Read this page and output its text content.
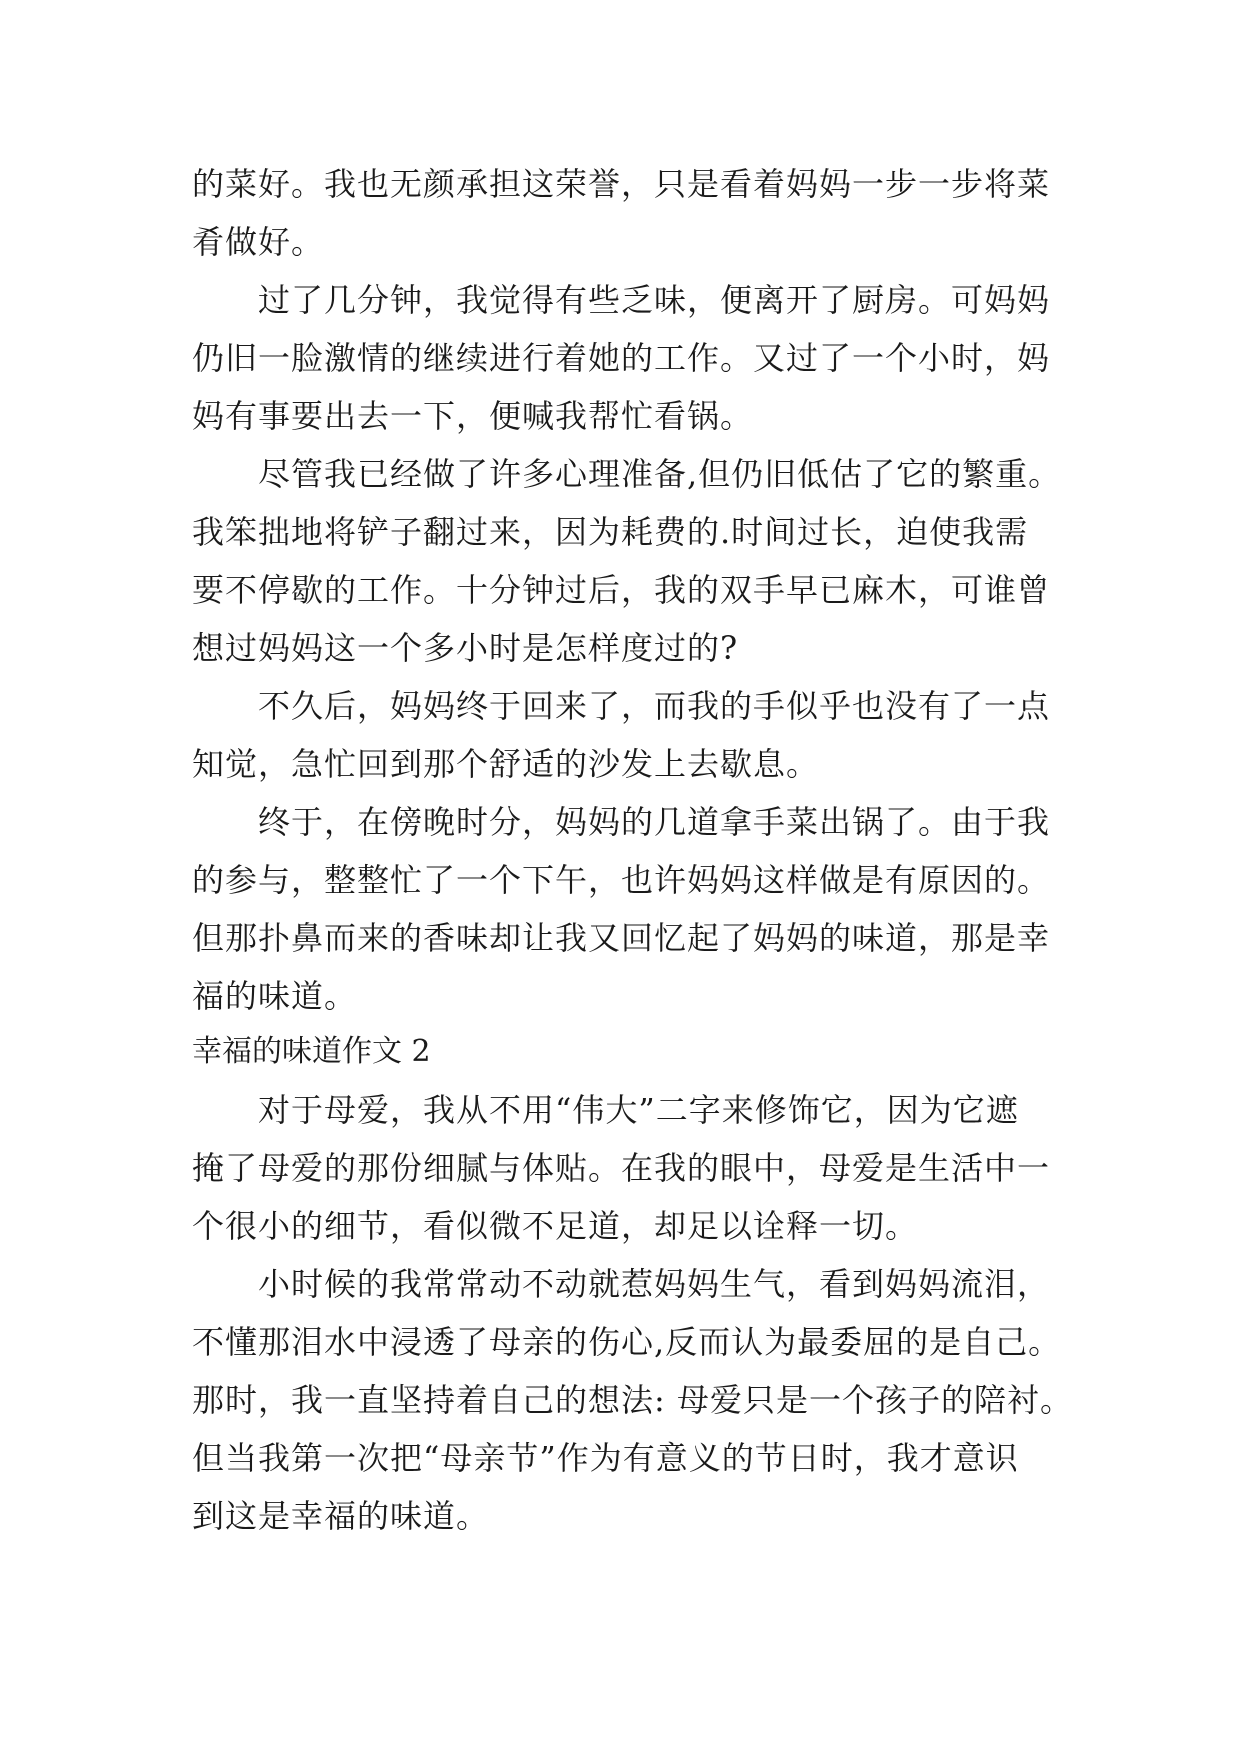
的菜好。我也无颜承担这荣誉，只是看着妈妈一步一步将菜

肴做好。

过了几分钟，我觉得有些乏味，便离开了厨房。可妈妈

仍旧一脸激情的继续进行着她的工作。又过了一个小时，妈

妈有事要出去一下，便喊我帮忙看锅。

尽管我已经做了许多心理准备,但仍旧低估了它的繁重。

我笨拙地将铲子翻过来，因为耗费的.时间过长，迫使我需

要不停歇的工作。十分钟过后，我的双手早已麻木，可谁曾

想过妈妈这一个多小时是怎样度过的?

不久后，妈妈终于回来了，而我的手似乎也没有了一点

知觉，急忙回到那个舒适的沙发上去歇息。

终于，在傍晚时分，妈妈的几道拿手菜出锅了。由于我

的参与，整整忙了一个下午，也许妈妈这样做是有原因的。

但那扑鼻而来的香味却让我又回忆起了妈妈的味道，那是幸

福的味道。

幸福的味道作文 2

对于母爱，我从不用“伟大”二字来修饰它，因为它遮

掩了母爱的那份细腻与体贴。在我的眼中，母爱是生活中一

个很小的细节，看似微不足道，却足以诠释一切。

小时候的我常常动不动就惹妈妈生气，看到妈妈流泪，

不懂那泪水中浸透了母亲的伤心,反而认为最委屈的是自己。

那时，我一直坚持着自己的想法: 母爱只是一个孩子的陪衬。

但当我第一次把“母亲节”作为有意义的节日时，我才意识

到这是幸福的味道。
